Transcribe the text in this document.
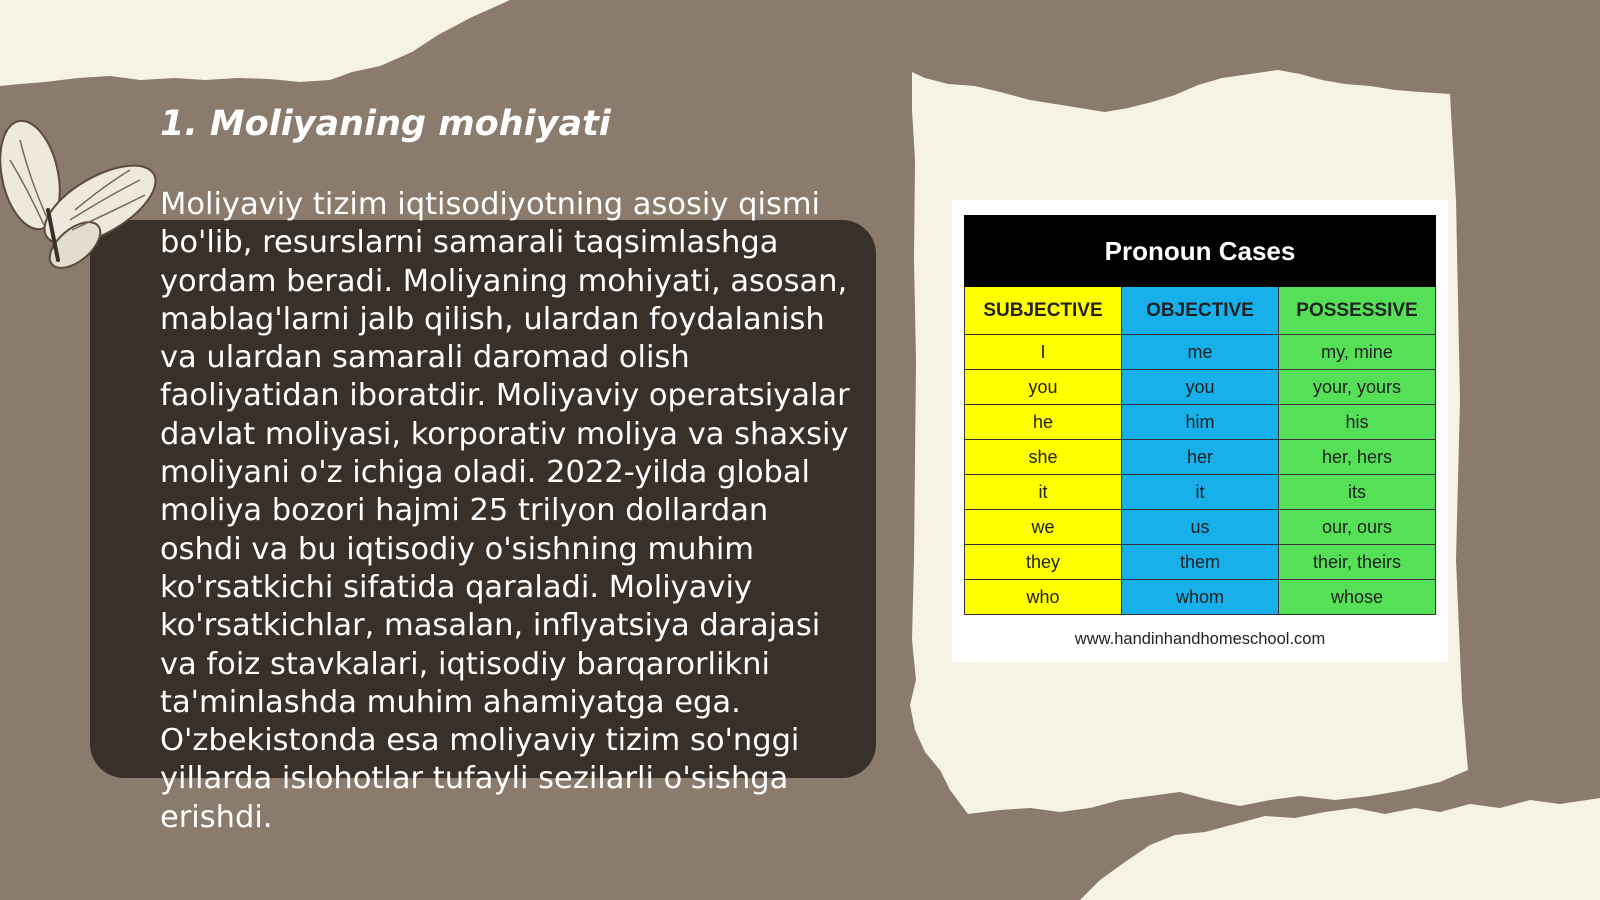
1. Moliyaning mohiyati

Moliyaviy tizim iqtisodiyotning asosiy qismi bo'lib, resurslarni samarali taqsimlashga yordam beradi. Moliyaning mohiyati, asosan, mablag'larni jalb qilish, ulardan foydalanish va ulardan samarali daromad olish faoliyatidan iboratdir. Moliyaviy operatsiyalar davlat moliyasi, korporativ moliya va shaxsiy moliyani o'z ichiga oladi. 2022-yilda global moliya bozori hajmi 25 trilyon dollardan oshdi va bu iqtisodiy o'sishning muhim ko'rsatkichi sifatida qaraladi. Moliyaviy ko'rsatkichlar, masalan, inflyatsiya darajasi va foiz stavkalari, iqtisodiy barqarorlikni ta'minlashda muhim ahamiyatga ega. O'zbekistonda esa moliyaviy tizim so'nggi yillarda islohotlar tufayli sezilarli o'sishga erishdi.

Pronoun Cases		
SUBJECTIVE	OBJECTIVE	POSSESSIVE
I	me	my, mine
you	you	your, yours
he	him	his
she	her	her, hers
it	it	its
we	us	our, ours
they	them	their, theirs
who	whom	whose
www.handinhandhomeschool.com
